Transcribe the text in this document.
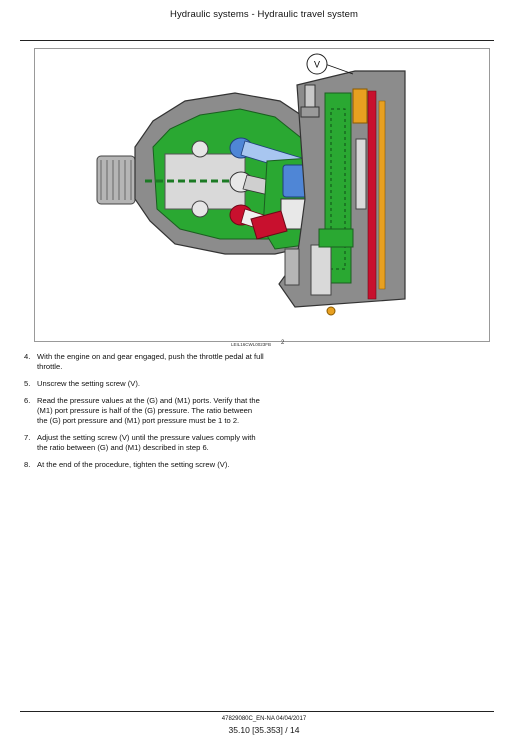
Hydraulic systems - Hydraulic travel system
V
LEIL16CWL0023FB 2
4. With the engine on and gear engaged, push the throttle pedal at full throttle.
5. Unscrew the setting screw (V).
6. Read the pressure values at the (G) and (M1) ports. Verify that the (M1) port pressure is half of the (G) pressure. The ratio between the (G) port pressure and (M1) port pressure must be 1 to 2.
7. Adjust the setting screw (V) until the pressure values comply with the ratio between (G) and (M1) described in step 6.
8. At the end of the procedure, tighten the setting screw (V).
47829080C_EN-NA 04/04/2017
35.10 [35.353] / 14
